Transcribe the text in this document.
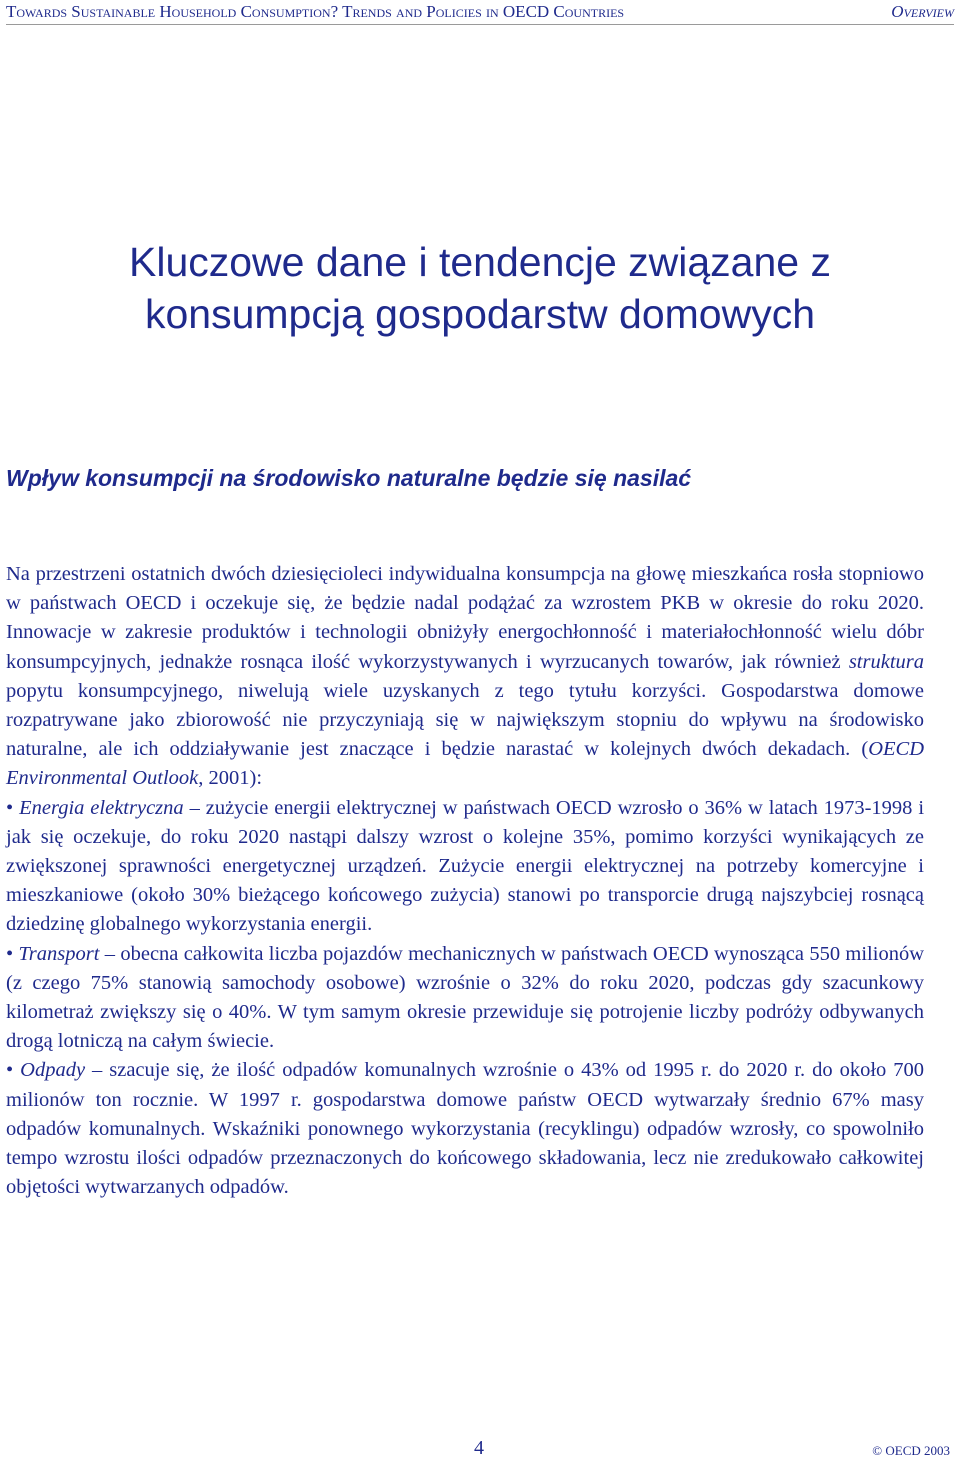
Towards Sustainable Household Consumption? Trends and Policies in OECD Countries	Overview
Kluczowe dane i tendencje związane z
konsumpcją gospodarstw domowych
Wpływ konsumpcji na środowisko naturalne będzie się nasilać

Na przestrzeni ostatnich dwóch dziesięcioleci indywidualna konsumpcja na głowę mieszkańca rosła stopniowo w państwach OECD i oczekuje się, że będzie nadal podążać za wzrostem PKB w okresie do roku 2020. Innowacje w zakresie produktów i technologii obniżyły energochłonność i materiałochłonność wielu dóbr konsumpcyjnych, jednakże rosnąca ilość wykorzystywanych i wyrzucanych towarów, jak również struktura popytu konsumpcyjnego, niwelują wiele uzyskanych z tego tytułu korzyści. Gospodarstwa domowe rozpatrywane jako zbiorowość nie przyczyniają się w największym stopniu do wpływu na środowisko naturalne, ale ich oddziaływanie jest znaczące i będzie narastać w kolejnych dwóch dekadach. (OECD Environmental Outlook, 2001):

• Energia elektryczna – zużycie energii elektrycznej w państwach OECD wzrosło o 36% w latach 1973-1998 i jak się oczekuje, do roku 2020 nastąpi dalszy wzrost o kolejne 35%, pomimo korzyści wynikających ze zwiększonej sprawności energetycznej urządzeń. Zużycie energii elektrycznej na potrzeby komercyjne i mieszkaniowe (około 30% bieżącego końcowego zużycia) stanowi po transporcie drugą najszybciej rosnącą dziedzinę globalnego wykorzystania energii.

• Transport – obecna całkowita liczba pojazdów mechanicznych w państwach OECD wynosząca 550 milionów (z czego 75% stanowią samochody osobowe) wzrośnie o 32% do roku 2020, podczas gdy szacunkowy kilometraż zwiększy się o 40%. W tym samym okresie przewiduje się potrojenie liczby podróży odbywanych drogą lotniczą na całym świecie.

• Odpady – szacuje się, że ilość odpadów komunalnych wzrośnie o 43% od 1995 r. do 2020 r. do około 700 milionów ton rocznie. W 1997 r. gospodarstwa domowe państw OECD wytwarzały średnio 67% masy odpadów komunalnych. Wskaźniki ponownego wykorzystania (recyklingu) odpadów wzrosły, co spowolniło tempo wzrostu ilości odpadów przeznaczonych do końcowego składowania, lecz nie zredukowało całkowitej objętości wytwarzanych odpadów.

4	© OECD 2003
